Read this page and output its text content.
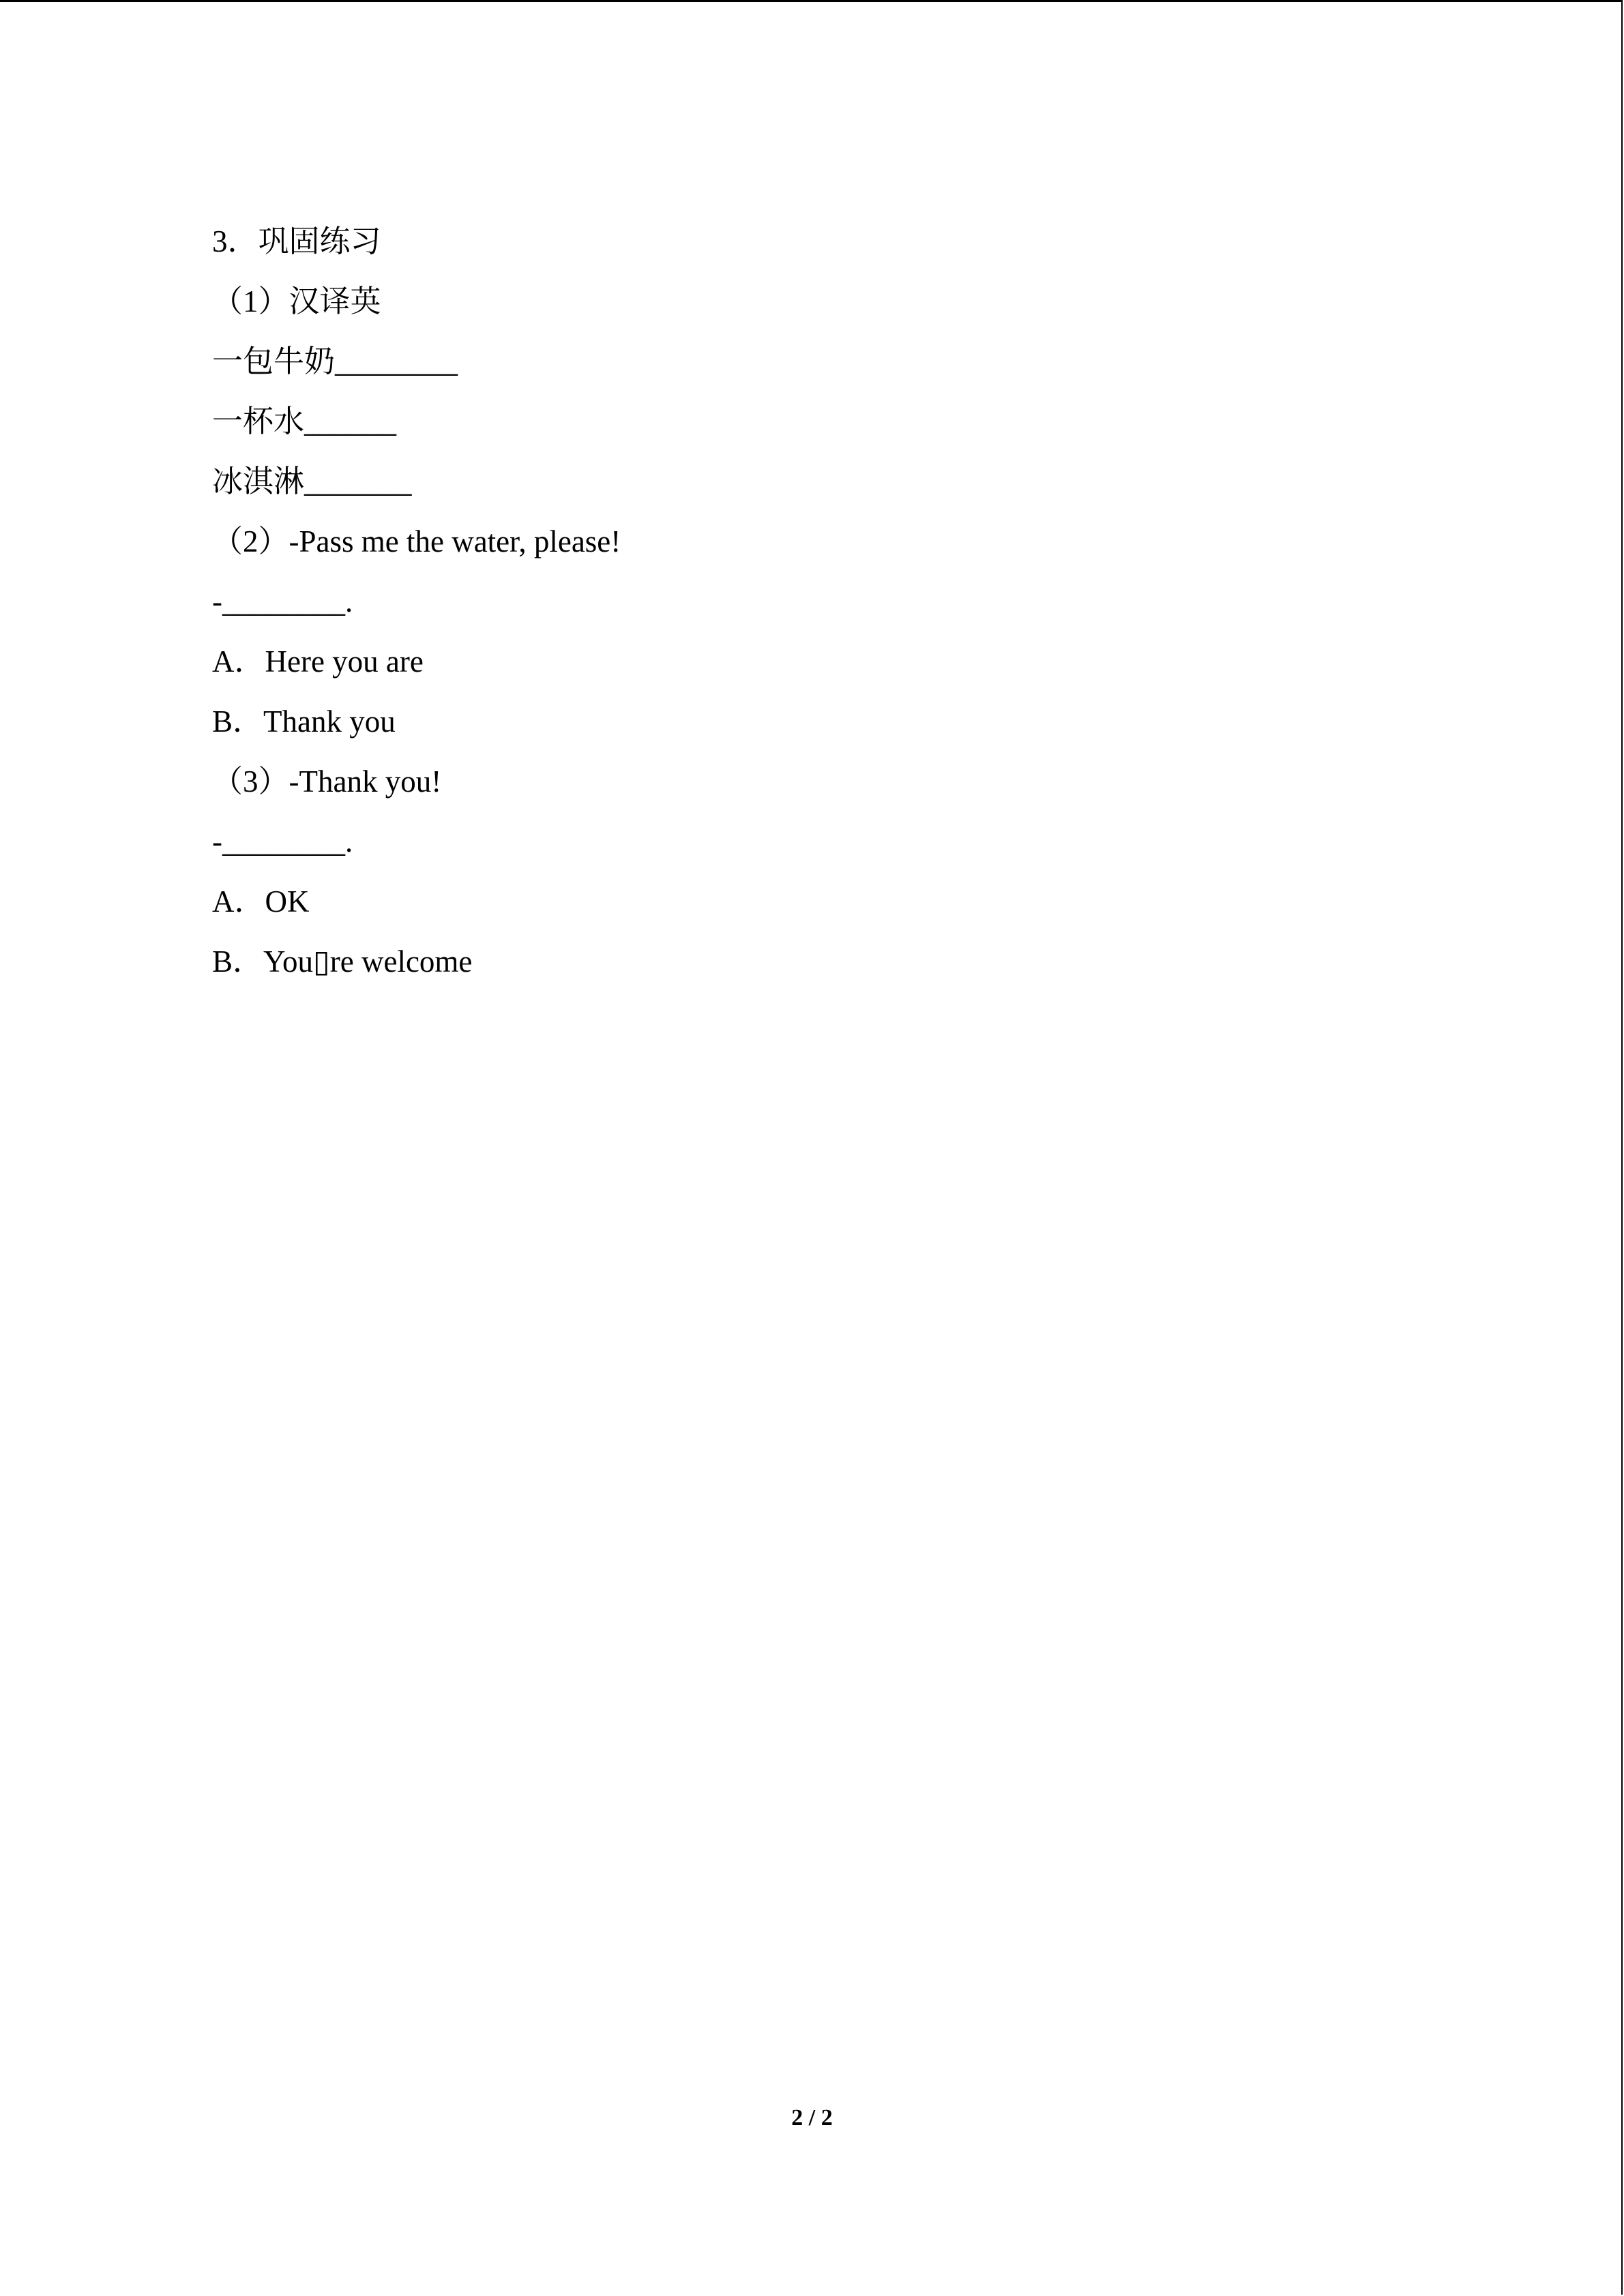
3．巩固练习
（1）汉译英
一包牛奶________
一杯水______
冰淇淋_______
（2）-Pass me the water, please!
-________.
A．Here you are
B．Thank you
（3）-Thank you!
-________.
A．OK
B．You▯re welcome
2 / 2
